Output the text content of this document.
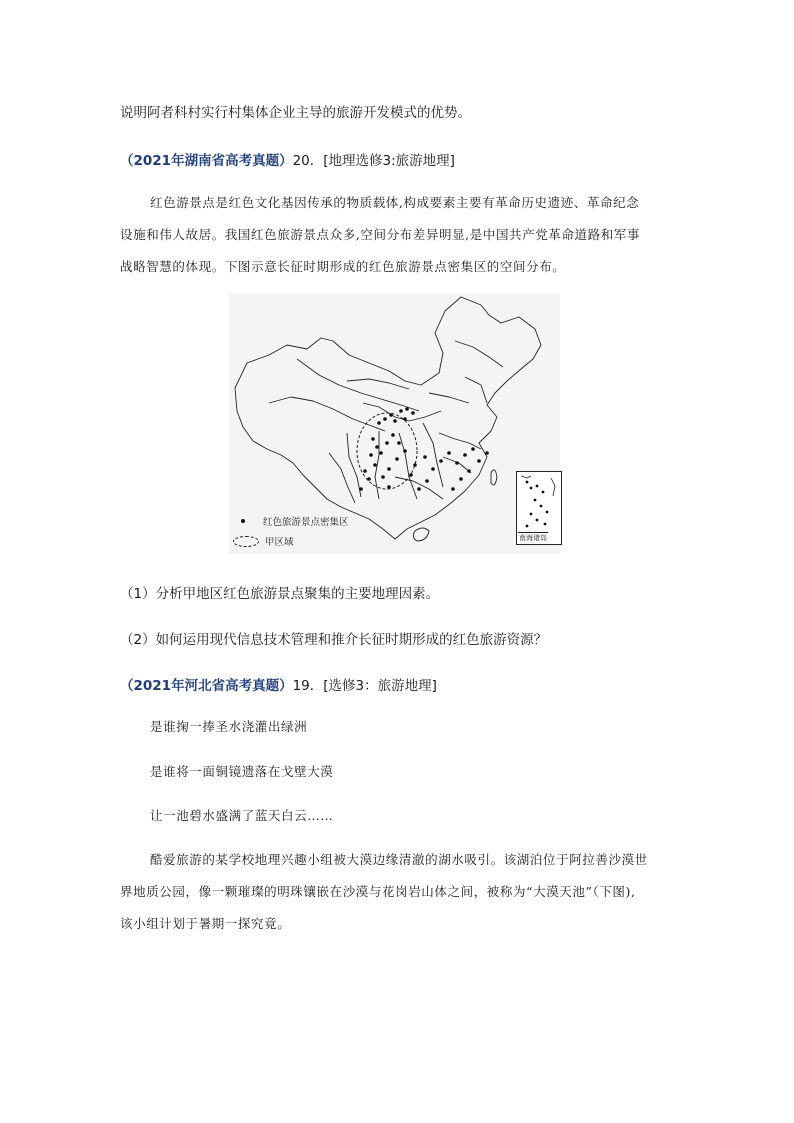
说明阿者科村实行村集体企业主导的旅游开发模式的优势。
（2021年湖南省高考真题）20．[地理选修3:旅游地理]
红色游景点是红色文化基因传承的物质载体,构成要素主要有革命历史遗迹、革命纪念
设施和伟人故居。我国红色旅游景点众多,空间分布差异明显,是中国共产党革命道路和军事
战略智慧的体现。下图示意长征时期形成的红色旅游景点密集区的空间分布。
南海诸岛
红色旅游景点密集区
甲区域
（1）分析甲地区红色旅游景点聚集的主要地理因素。
（2）如何运用现代信息技术管理和推介长征时期形成的红色旅游资源？
（2021年河北省高考真题）19．[选修3：旅游地理]
是谁掬一捧圣水浇灌出绿洲
是谁将一面铜镜遗落在戈壁大漠
让一池碧水盛满了蓝天白云……
酷爱旅游的某学校地理兴趣小组被大漠边缘清澈的湖水吸引。该湖泊位于阿拉善沙漠世
界地质公园，像一颗璀璨的明珠镶嵌在沙漠与花岗岩山体之间，被称为“大漠天池”（下图),
该小组计划于暑期一探究竟。
